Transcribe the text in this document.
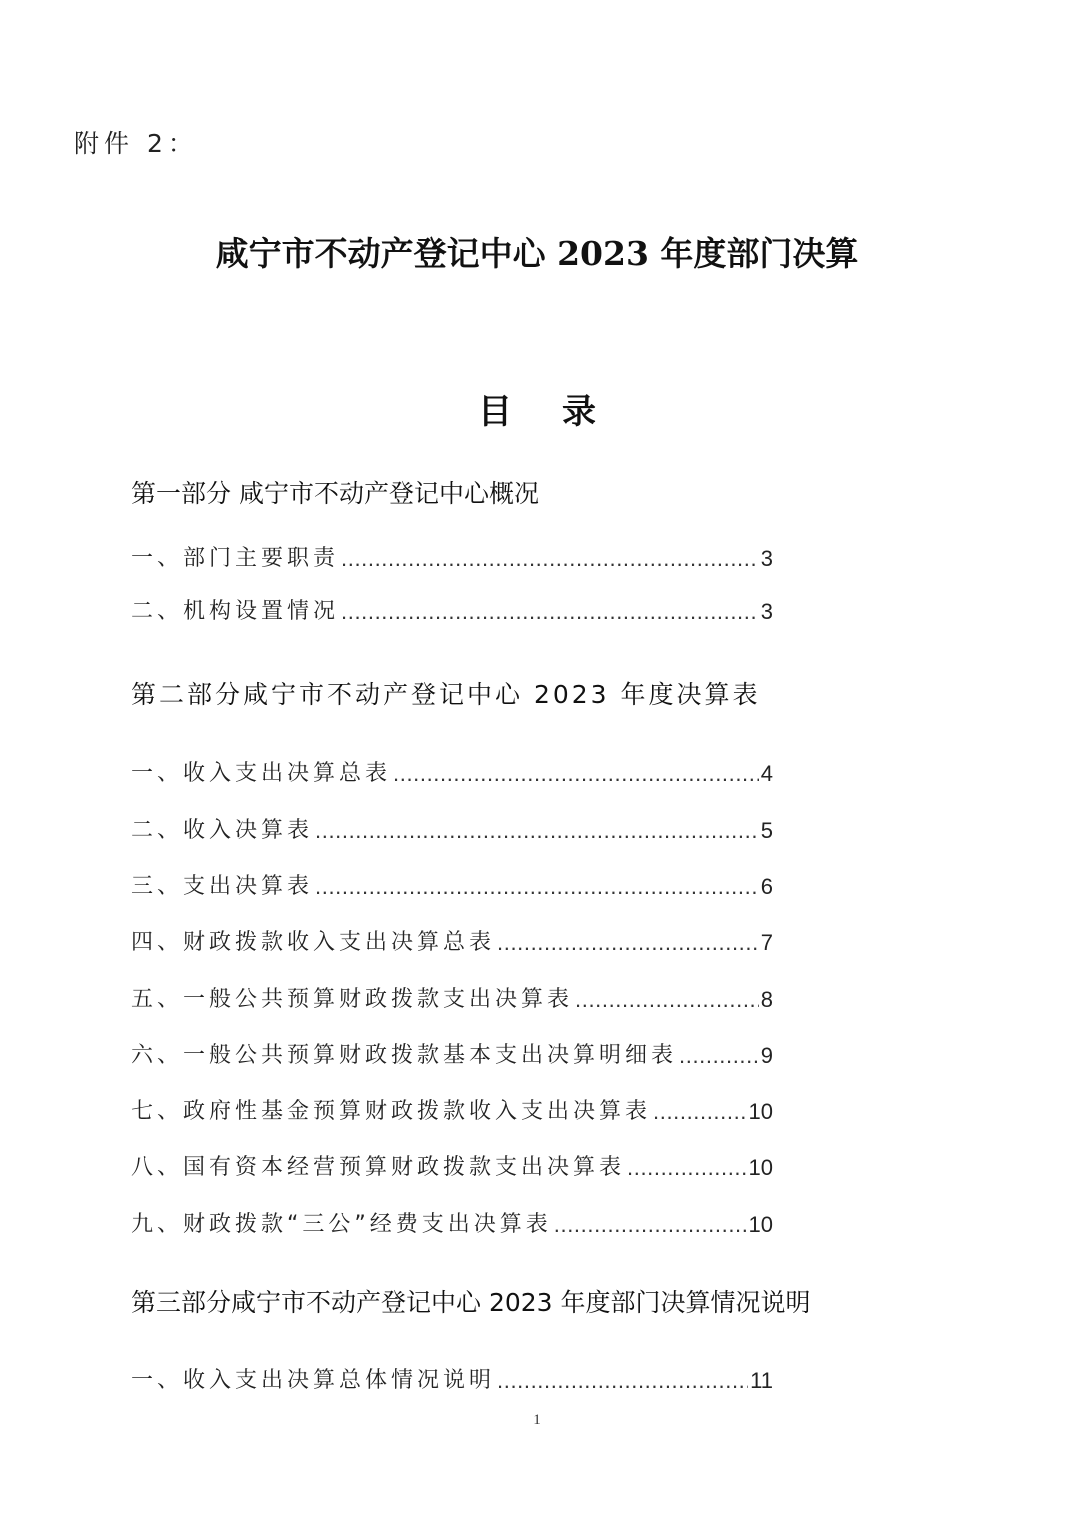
附件 2：
咸宁市不动产登记中心 2023 年度部门决算
目 录
第一部分 咸宁市不动产登记中心概况
一、部门主要职责 .....	3
二、机构设置情况 .....	3
第二部分咸宁市不动产登记中心 2023 年度决算表
一、收入支出决算总表 .....	4
二、收入决算表 .....	5
三、支出决算表 .....	6
四、财政拨款收入支出决算总表 .....	7
五、一般公共预算财政拨款支出决算表 .....	8
六、一般公共预算财政拨款基本支出决算明细表 .....	9
七、政府性基金预算财政拨款收入支出决算表 .....	10
八、国有资本经营预算财政拨款支出决算表 .....	10
九、财政拨款“三公”经费支出决算表 .....	10
第三部分咸宁市不动产登记中心 2023 年度部门决算情况说明
一、收入支出决算总体情况说明 .....	11
1
